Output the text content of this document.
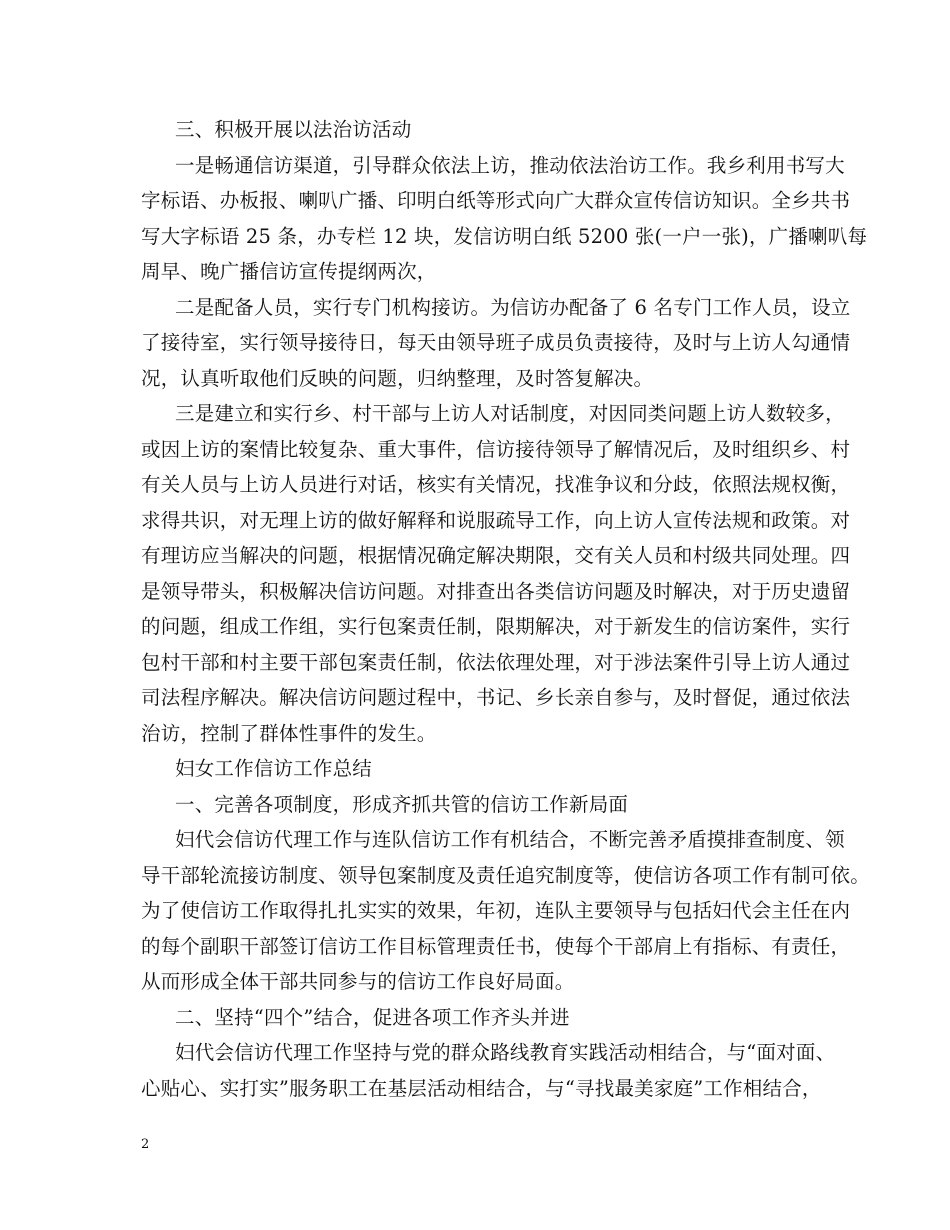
三、积极开展以法治访活动
一是畅通信访渠道，引导群众依法上访，推动依法治访工作。我乡利用书写大
字标语、办板报、喇叭广播、印明白纸等形式向广大群众宣传信访知识。全乡共书
写大字标语 25 条，办专栏 12 块，发信访明白纸 5200 张(一户一张)，广播喇叭每
周早、晚广播信访宣传提纲两次，
二是配备人员，实行专门机构接访。为信访办配备了 6 名专门工作人员，设立
了接待室，实行领导接待日，每天由领导班子成员负责接待，及时与上访人勾通情
况，认真听取他们反映的问题，归纳整理，及时答复解决。
三是建立和实行乡、村干部与上访人对话制度，对因同类问题上访人数较多，
或因上访的案情比较复杂、重大事件，信访接待领导了解情况后，及时组织乡、村
有关人员与上访人员进行对话，核实有关情况，找准争议和分歧，依照法规权衡，
求得共识，对无理上访的做好解释和说服疏导工作，向上访人宣传法规和政策。对
有理访应当解决的问题，根据情况确定解决期限，交有关人员和村级共同处理。四
是领导带头，积极解决信访问题。对排查出各类信访问题及时解决，对于历史遗留
的问题，组成工作组，实行包案责任制，限期解决，对于新发生的信访案件，实行
包村干部和村主要干部包案责任制，依法依理处理，对于涉法案件引导上访人通过
司法程序解决。解决信访问题过程中，书记、乡长亲自参与，及时督促，通过依法
治访，控制了群体性事件的发生。
妇女工作信访工作总结
一、完善各项制度，形成齐抓共管的信访工作新局面
妇代会信访代理工作与连队信访工作有机结合，不断完善矛盾摸排查制度、领
导干部轮流接访制度、领导包案制度及责任追究制度等，使信访各项工作有制可依。
为了使信访工作取得扎扎实实的效果，年初，连队主要领导与包括妇代会主任在内
的每个副职干部签订信访工作目标管理责任书，使每个干部肩上有指标、有责任，
从而形成全体干部共同参与的信访工作良好局面。
二、坚持“四个”结合，促进各项工作齐头并进
妇代会信访代理工作坚持与党的群众路线教育实践活动相结合，与“面对面、
心贴心、实打实”服务职工在基层活动相结合，与“寻找最美家庭”工作相结合，
2
